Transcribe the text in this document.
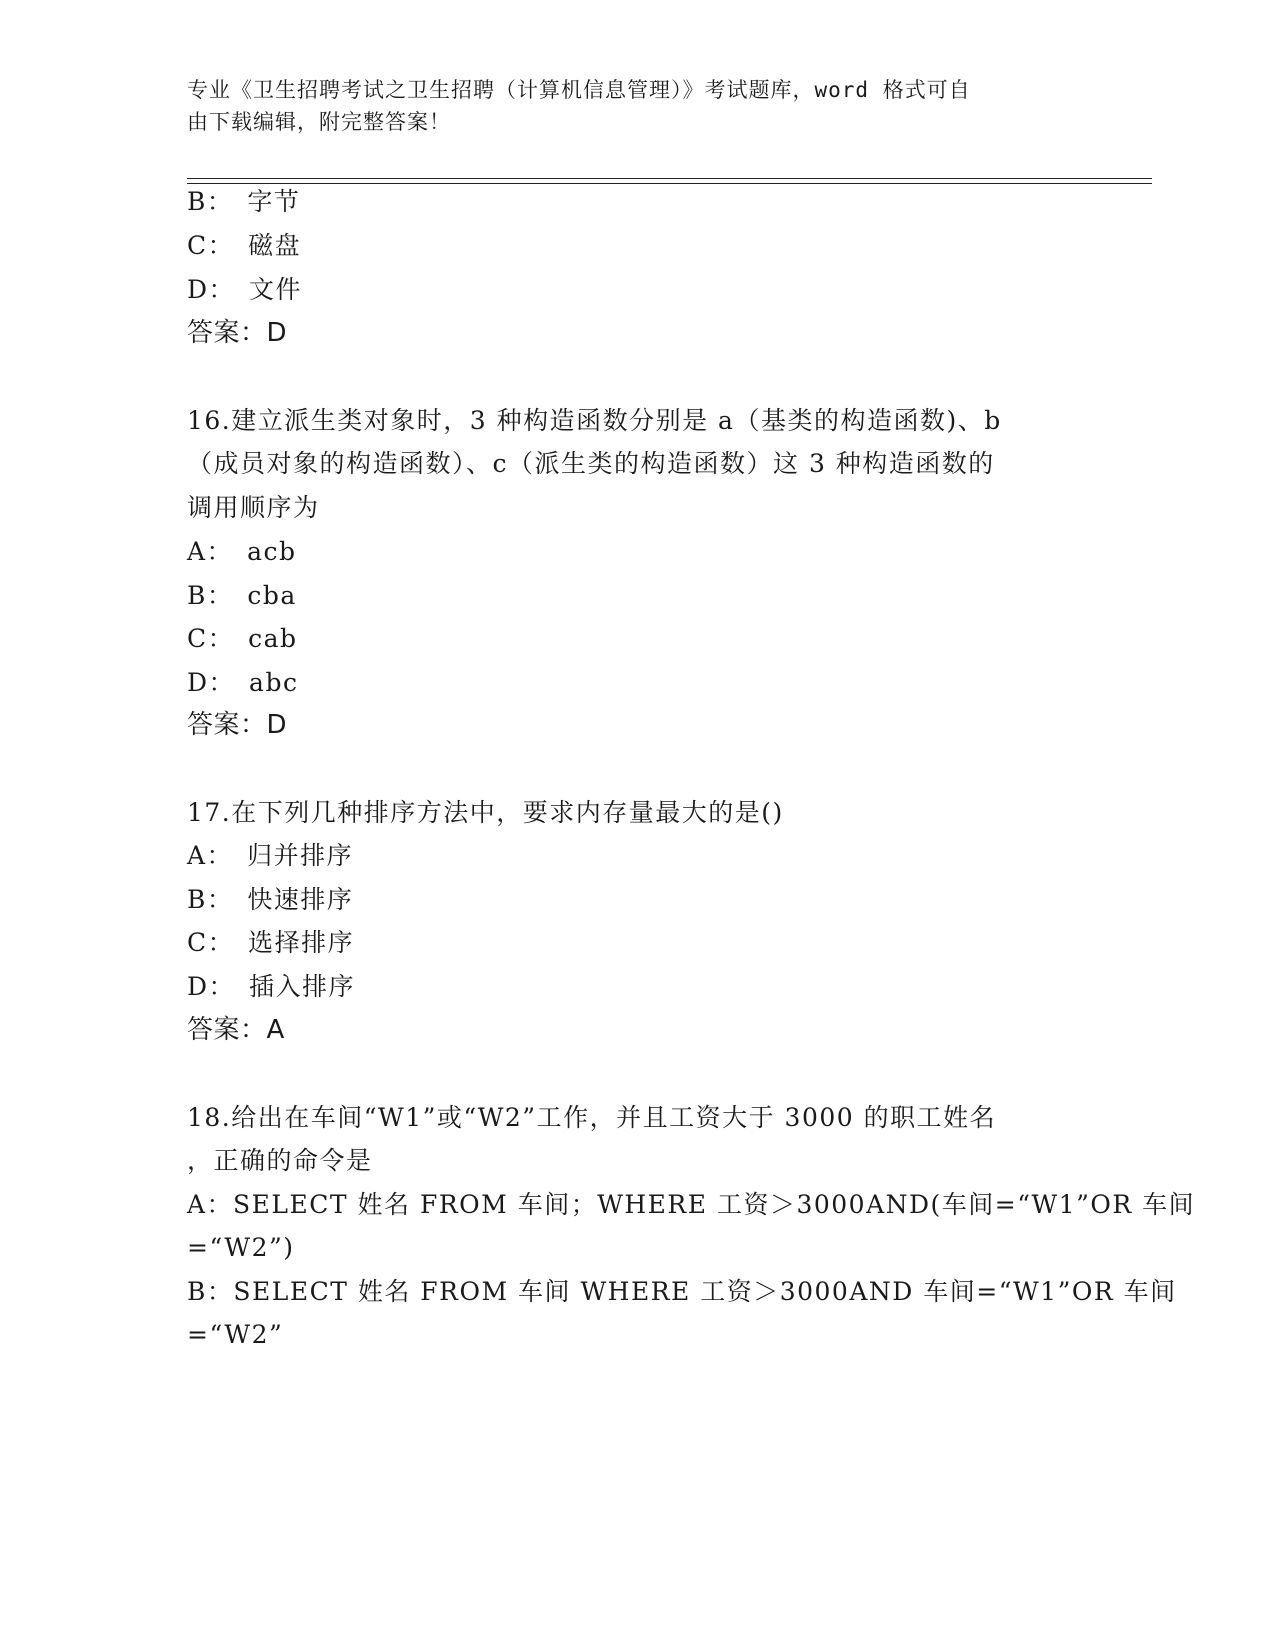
专业《卫生招聘考试之卫生招聘（计算机信息管理）》考试题库，word 格式可自
由下载编辑，附完整答案！
B： 字节
C： 磁盘
D： 文件
答案：D
16.建立派生类对象时，3 种构造函数分别是 a（基类的构造函数)、b
（成员对象的构造函数）、c（派生类的构造函数）这 3 种构造函数的
调用顺序为
A： acb
B： cba
C： cab
D： abc
答案：D
17.在下列几种排序方法中，要求内存量最大的是()
A： 归并排序
B： 快速排序
C： 选择排序
D： 插入排序
答案：A
18.给出在车间“W1”或“W2”工作，并且工资大于 3000 的职工姓名
，正确的命令是
A：SELECT 姓名 FROM 车间；WHERE 工资＞3000AND(车间=“W1”OR 车间
=“W2”)
B：SELECT 姓名 FROM 车间 WHERE 工资＞3000AND 车间=“W1”OR 车间
=“W2”
